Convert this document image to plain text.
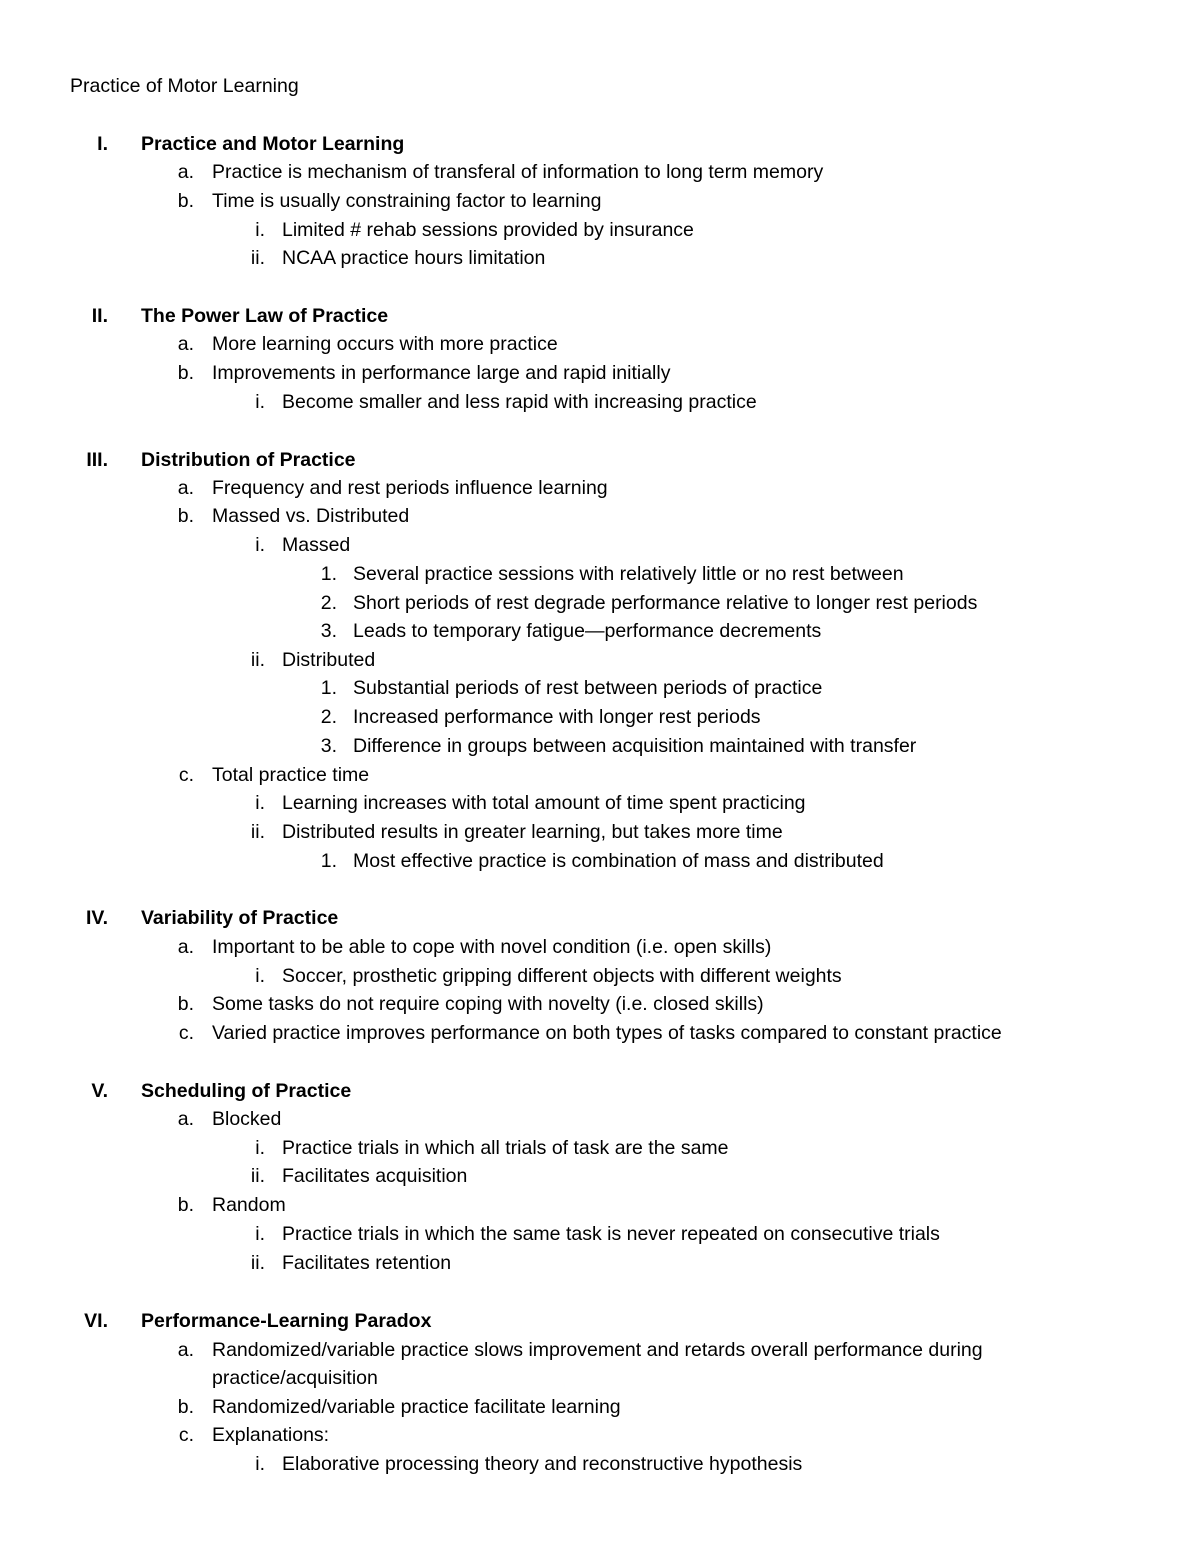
Practice of Motor Learning
I. Practice and Motor Learning
a. Practice is mechanism of transferal of information to long term memory
b. Time is usually constraining factor to learning
i. Limited # rehab sessions provided by insurance
ii. NCAA practice hours limitation
II. The Power Law of Practice
a. More learning occurs with more practice
b. Improvements in performance large and rapid initially
i. Become smaller and less rapid with increasing practice
III. Distribution of Practice
a. Frequency and rest periods influence learning
b. Massed vs. Distributed
i. Massed
1. Several practice sessions with relatively little or no rest between
2. Short periods of rest degrade performance relative to longer rest periods
3. Leads to temporary fatigue—performance decrements
ii. Distributed
1. Substantial periods of rest between periods of practice
2. Increased performance with longer rest periods
3. Difference in groups between acquisition maintained with transfer
c. Total practice time
i. Learning increases with total amount of time spent practicing
ii. Distributed results in greater learning, but takes more time
1. Most effective practice is combination of mass and distributed
IV. Variability of Practice
a. Important to be able to cope with novel condition (i.e. open skills)
i. Soccer, prosthetic gripping different objects with different weights
b. Some tasks do not require coping with novelty (i.e. closed skills)
c. Varied practice improves performance on both types of tasks compared to constant practice
V. Scheduling of Practice
a. Blocked
i. Practice trials in which all trials of task are the same
ii. Facilitates acquisition
b. Random
i. Practice trials in which the same task is never repeated on consecutive trials
ii. Facilitates retention
VI. Performance-Learning Paradox
a. Randomized/variable practice slows improvement and retards overall performance during
practice/acquisition
b. Randomized/variable practice facilitate learning
c. Explanations:
i. Elaborative processing theory and reconstructive hypothesis
